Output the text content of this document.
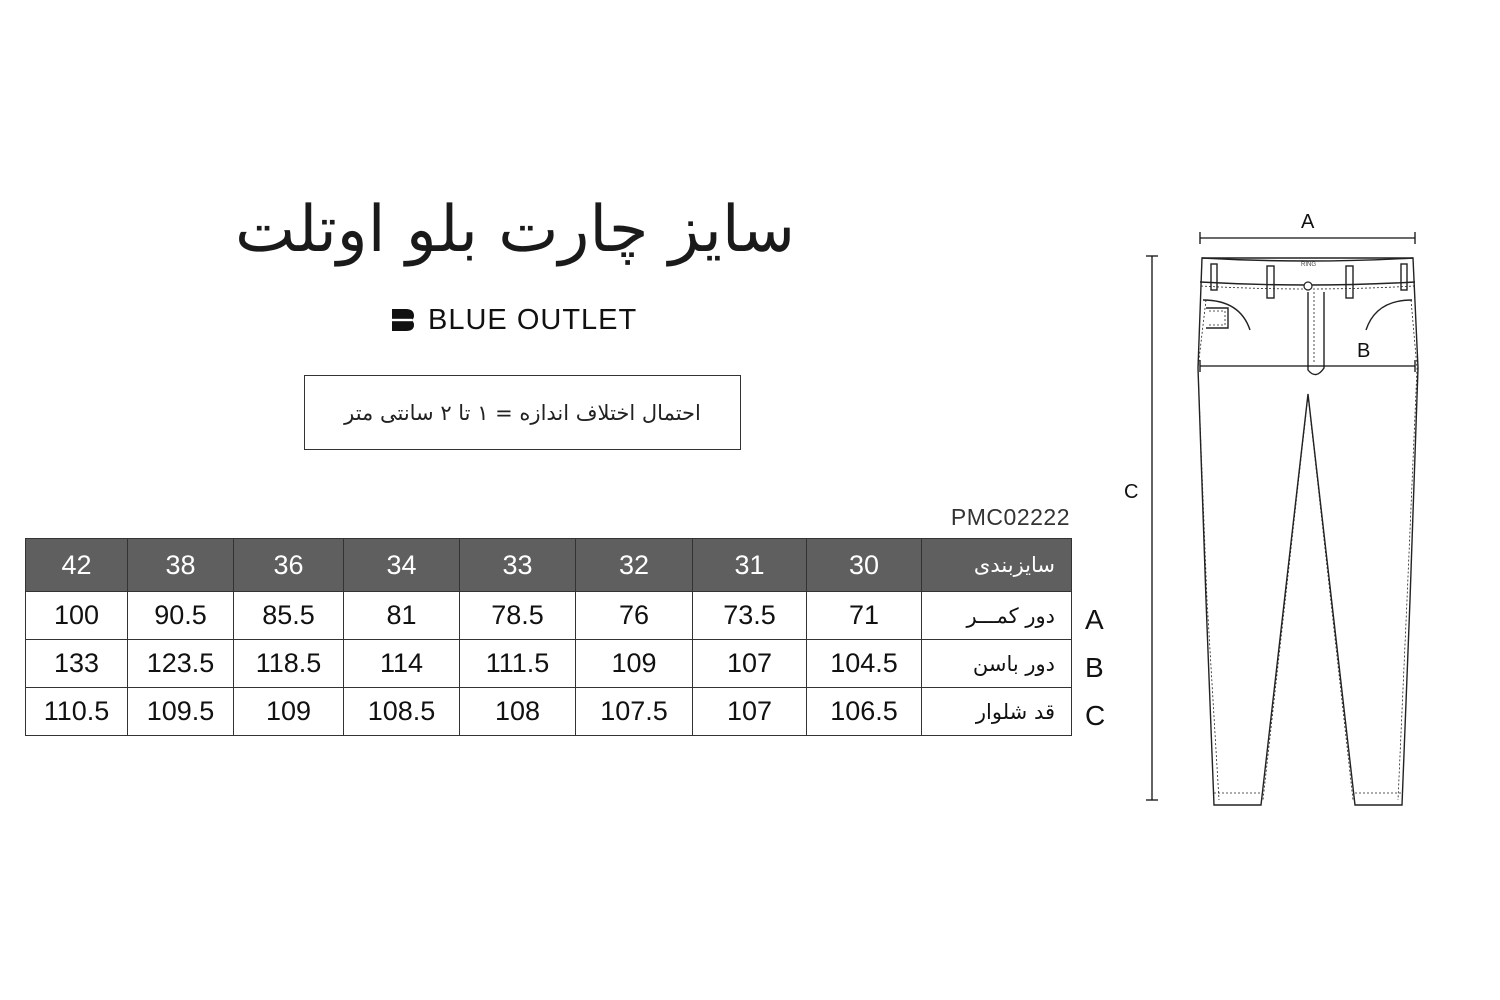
سایز چارت بلو اوتلت
BLUE OUTLET
احتمال اختلاف اندازه = ۱ تا ۲ سانتی متر
PMC02222
42	38	36	34	33	32	31	30	سایزبندی
100	90.5	85.5	81	78.5	76	73.5	71	دور کمـــر
133	123.5	118.5	114	111.5	109	107	104.5	دور باسن
110.5	109.5	109	108.5	108	107.5	107	106.5	قد شلوار
A
B
C
A
C
RING
B
